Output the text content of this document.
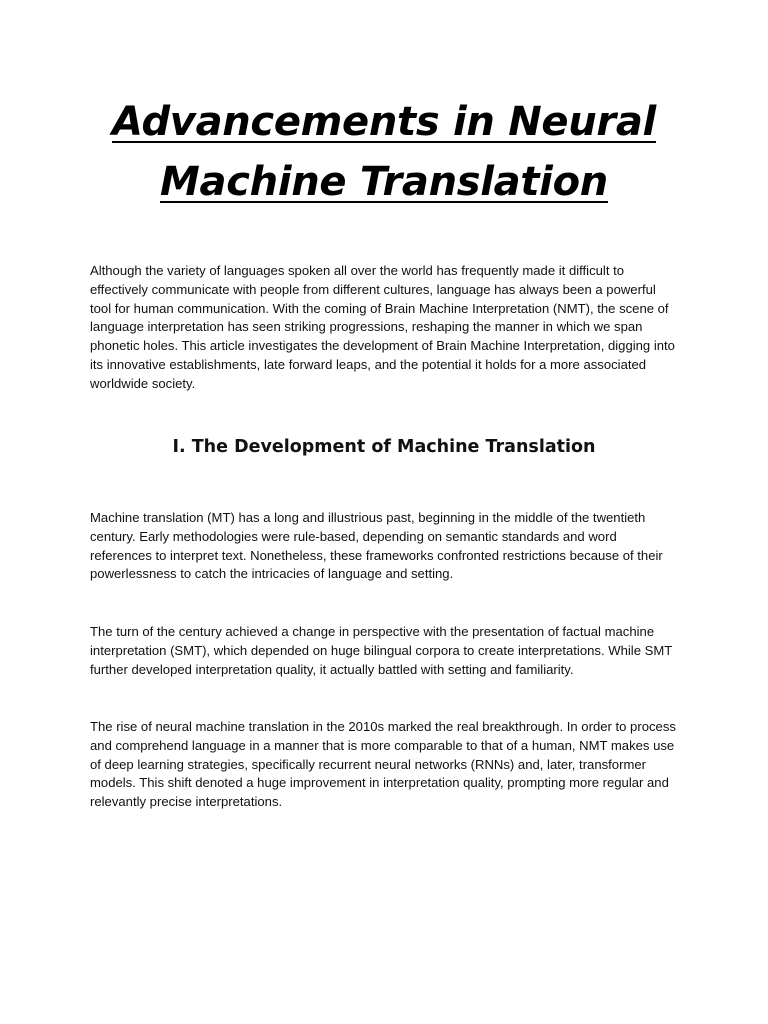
Advancements in Neural
Machine Translation

Although the variety of languages spoken all over the world has frequently made it difficult to effectively communicate with people from different cultures, language has always been a powerful tool for human communication. With the coming of Brain Machine Interpretation (NMT), the scene of language interpretation has seen striking progressions, reshaping the manner in which we span phonetic holes. This article investigates the development of Brain Machine Interpretation, digging into its innovative establishments, late forward leaps, and the potential it holds for a more associated worldwide society.

I. The Development of Machine Translation

Machine translation (MT) has a long and illustrious past, beginning in the middle of the twentieth century. Early methodologies were rule-based, depending on semantic standards and word references to interpret text. Nonetheless, these frameworks confronted restrictions because of their powerlessness to catch the intricacies of language and setting.

The turn of the century achieved a change in perspective with the presentation of factual machine interpretation (SMT), which depended on huge bilingual corpora to create interpretations. While SMT further developed interpretation quality, it actually battled with setting and familiarity.

The rise of neural machine translation in the 2010s marked the real breakthrough. In order to process and comprehend language in a manner that is more comparable to that of a human, NMT makes use of deep learning strategies, specifically recurrent neural networks (RNNs) and, later, transformer models. This shift denoted a huge improvement in interpretation quality, prompting more regular and relevantly precise interpretations.
